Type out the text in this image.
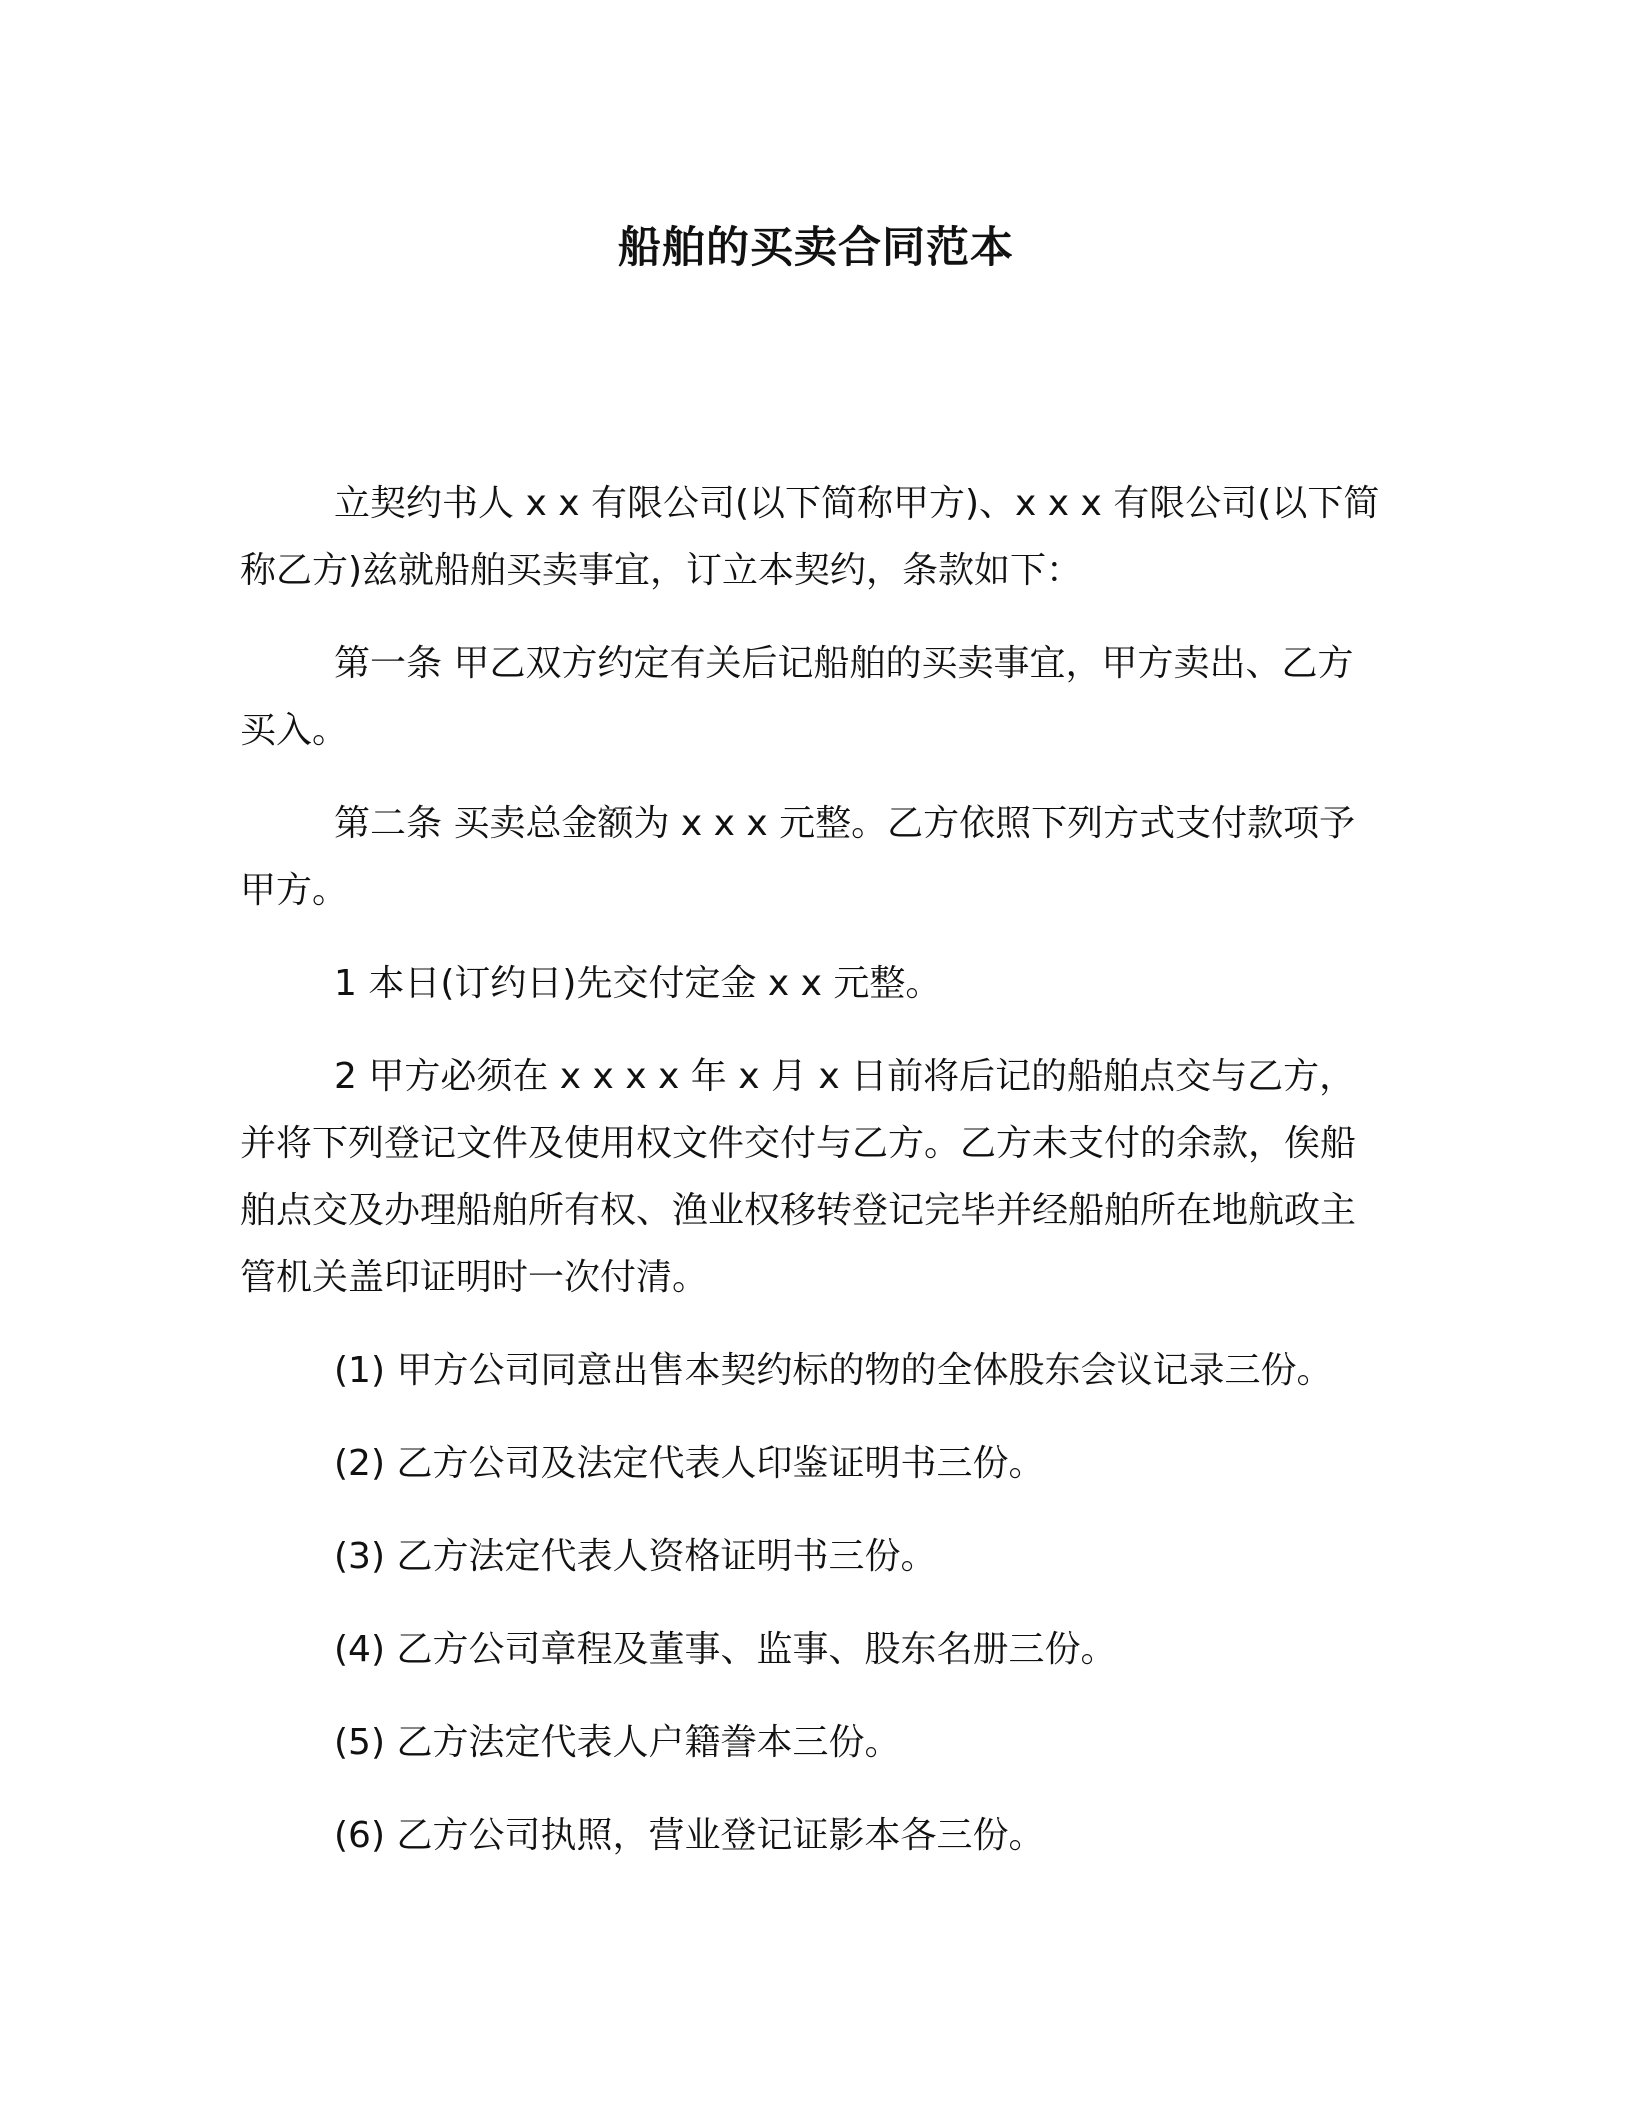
船舶的买卖合同范本

立契约书人 x x 有限公司(以下简称甲方)、x x x 有限公司(以下简称乙方)兹就船舶买卖事宜，订立本契约，条款如下：

第一条 甲乙双方约定有关后记船舶的买卖事宜，甲方卖出、乙方买入。

第二条 买卖总金额为 x x x 元整。乙方依照下列方式支付款项予甲方。

1 本日(订约日)先交付定金 x x 元整。

2 甲方必须在 x x x x 年 x 月 x 日前将后记的船舶点交与乙方，并将下列登记文件及使用权文件交付与乙方。乙方未支付的余款，俟船舶点交及办理船舶所有权、渔业权移转登记完毕并经船舶所在地航政主管机关盖印证明时一次付清。

(1) 甲方公司同意出售本契约标的物的全体股东会议记录三份。

(2) 乙方公司及法定代表人印鉴证明书三份。

(3) 乙方法定代表人资格证明书三份。

(4) 乙方公司章程及董事、监事、股东名册三份。

(5) 乙方法定代表人户籍誊本三份。

(6) 乙方公司执照，营业登记证影本各三份。
